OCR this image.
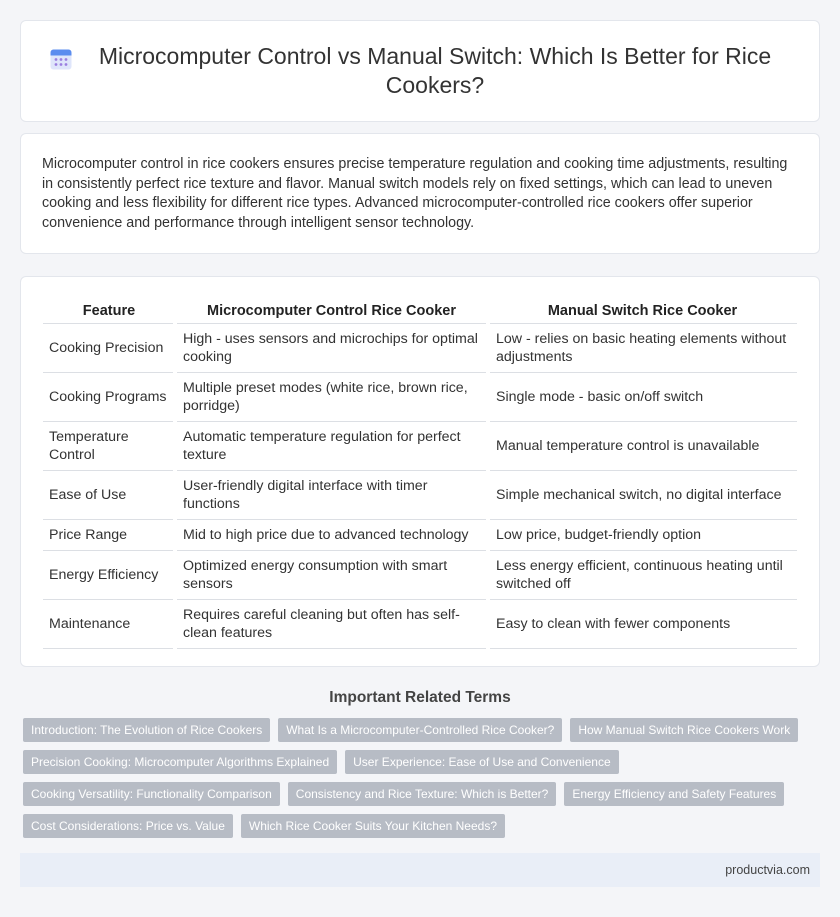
Microcomputer Control vs Manual Switch: Which Is Better for Rice Cookers?

Microcomputer control in rice cookers ensures precise temperature regulation and cooking time adjustments, resulting in consistently perfect rice texture and flavor. Manual switch models rely on fixed settings, which can lead to uneven cooking and less flexibility for different rice types. Advanced microcomputer-controlled rice cookers offer superior convenience and performance through intelligent sensor technology.

Feature	Microcomputer Control Rice Cooker	Manual Switch Rice Cooker
Cooking Precision	High - uses sensors and microchips for optimal cooking	Low - relies on basic heating elements without adjustments
Cooking Programs	Multiple preset modes (white rice, brown rice, porridge)	Single mode - basic on/off switch
Temperature Control	Automatic temperature regulation for perfect texture	Manual temperature control is unavailable
Ease of Use	User-friendly digital interface with timer functions	Simple mechanical switch, no digital interface
Price Range	Mid to high price due to advanced technology	Low price, budget-friendly option
Energy Efficiency	Optimized energy consumption with smart sensors	Less energy efficient, continuous heating until switched off
Maintenance	Requires careful cleaning but often has self-clean features	Easy to clean with fewer components
Important Related Terms
Introduction: The Evolution of Rice Cookers	What Is a Microcomputer-Controlled Rice Cooker?	How Manual Switch Rice Cookers Work
Precision Cooking: Microcomputer Algorithms Explained	User Experience: Ease of Use and Convenience
Cooking Versatility: Functionality Comparison	Consistency and Rice Texture: Which is Better?	Energy Efficiency and Safety Features
Cost Considerations: Price vs. Value	Which Rice Cooker Suits Your Kitchen Needs?
productvia.com
